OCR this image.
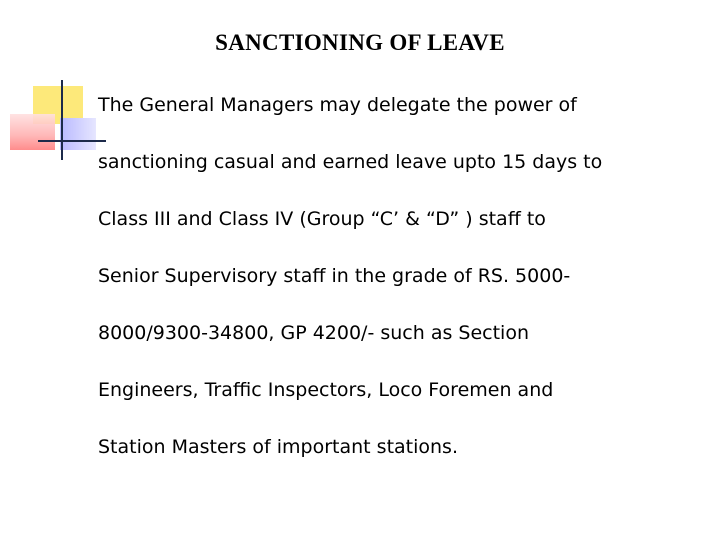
SANCTIONING OF LEAVE
The General Managers may delegate the power of
sanctioning casual and earned leave upto 15 days to
Class III and Class IV (Group “C’ & “D” ) staff to
Senior Supervisory staff in the grade of RS. 5000-
8000/9300-34800, GP 4200/- such as Section
Engineers, Traffic Inspectors, Loco Foremen and
Station Masters of important stations.
